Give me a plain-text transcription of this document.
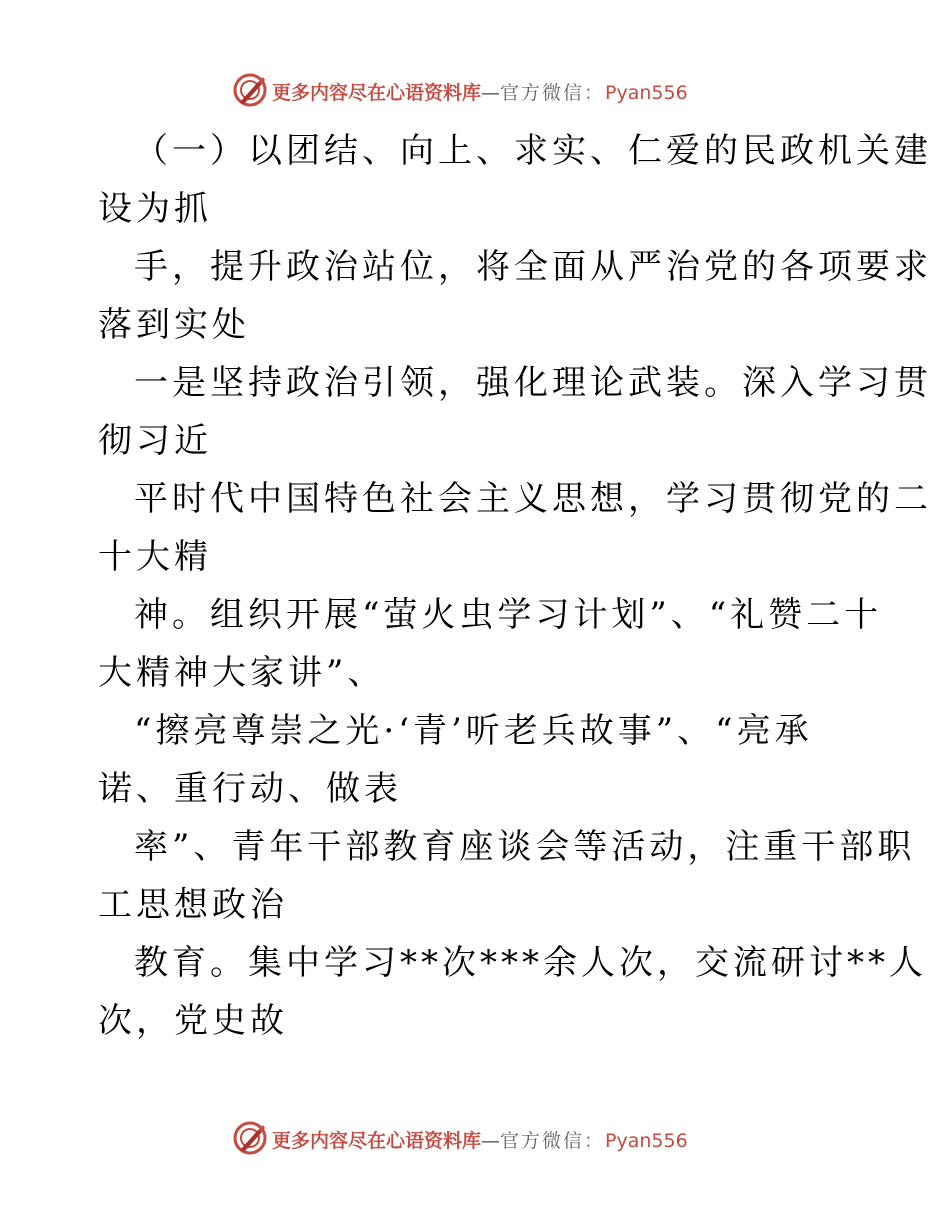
更多内容尽在心语资料库—官方微信：Pyan556

（一）以团结、向上、求实、仁爱的民政机关建
设为抓

手，提升政治站位，将全面从严治党的各项要求
落到实处

一是坚持政治引领，强化理论武装。深入学习贯
彻习近

平时代中国特色社会主义思想，学习贯彻党的二
十大精

神。组织开展“萤火虫学习计划”、“礼赞二十
大精神大家讲”、

“擦亮尊崇之光·‘青’听老兵故事”、“亮承
诺、重行动、做表

率”、青年干部教育座谈会等活动，注重干部职
工思想政治

教育。集中学习**次***余人次，交流研讨**人
次，党史故

更多内容尽在心语资料库—官方微信：Pyan556
